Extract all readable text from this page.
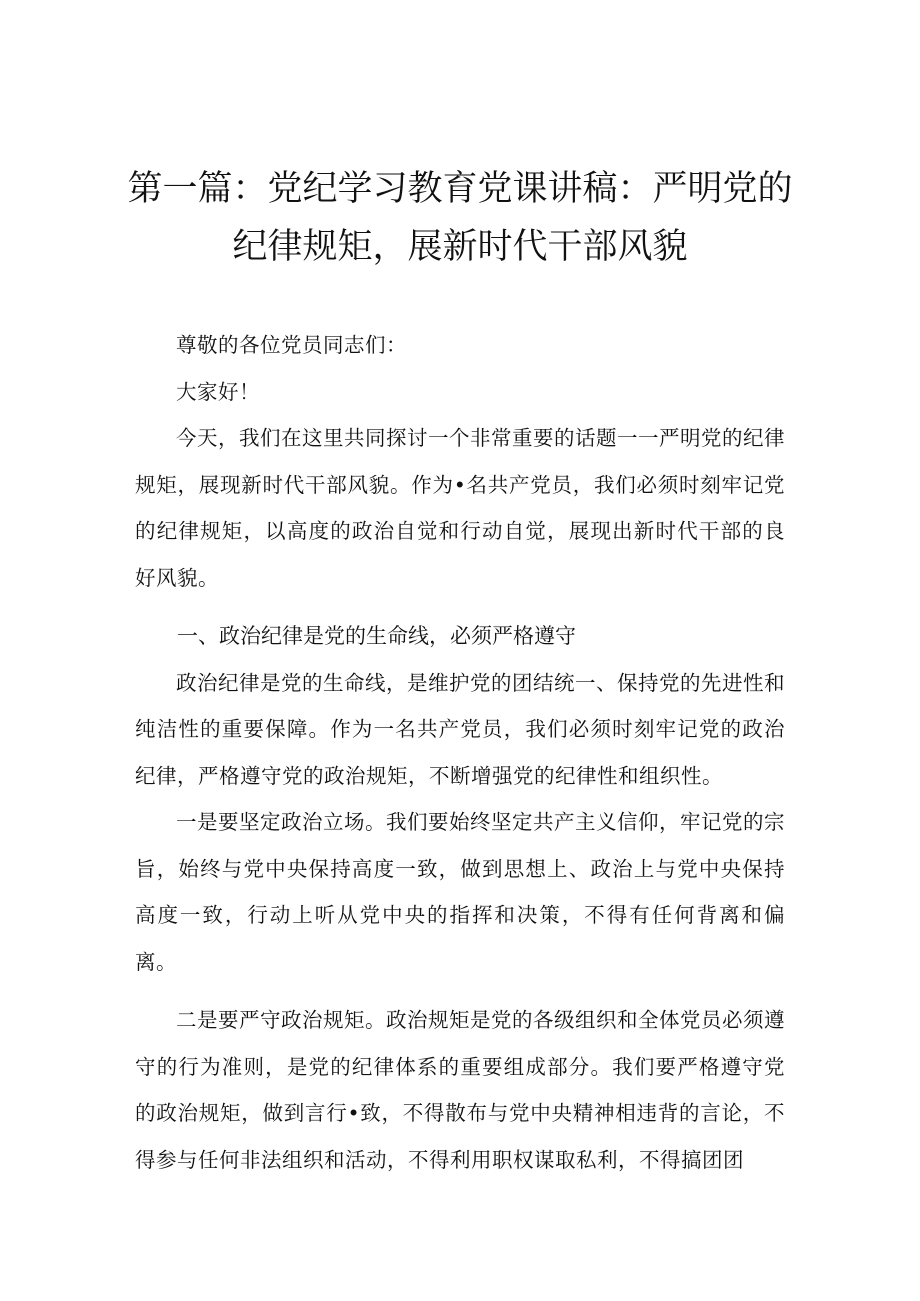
第一篇：党纪学习教育党课讲稿：严明党的
纪律规矩，展新时代干部风貌

尊敬的各位党员同志们：

大家好！

今天，我们在这里共同探讨一个非常重要的话题一一严明党的纪律规矩，展现新时代干部风貌。作为•名共产党员，我们必须时刻牢记党的纪律规矩，以高度的政治自觉和行动自觉，展现出新时代干部的良好风貌。

一、政治纪律是党的生命线，必须严格遵守

政治纪律是党的生命线，是维护党的团结统一、保持党的先进性和纯洁性的重要保障。作为一名共产党员，我们必须时刻牢记党的政治纪律，严格遵守党的政治规矩，不断增强党的纪律性和组织性。

一是要坚定政治立场。我们要始终坚定共产主义信仰，牢记党的宗旨，始终与党中央保持高度一致，做到思想上、政治上与党中央保持高度一致，行动上听从党中央的指挥和决策，不得有任何背离和偏离。

二是要严守政治规矩。政治规矩是党的各级组织和全体党员必须遵守的行为准则，是党的纪律体系的重要组成部分。我们要严格遵守党的政治规矩，做到言行•致，不得散布与党中央精神相违背的言论，不得参与任何非法组织和活动，不得利用职权谋取私利，不得搞团团
